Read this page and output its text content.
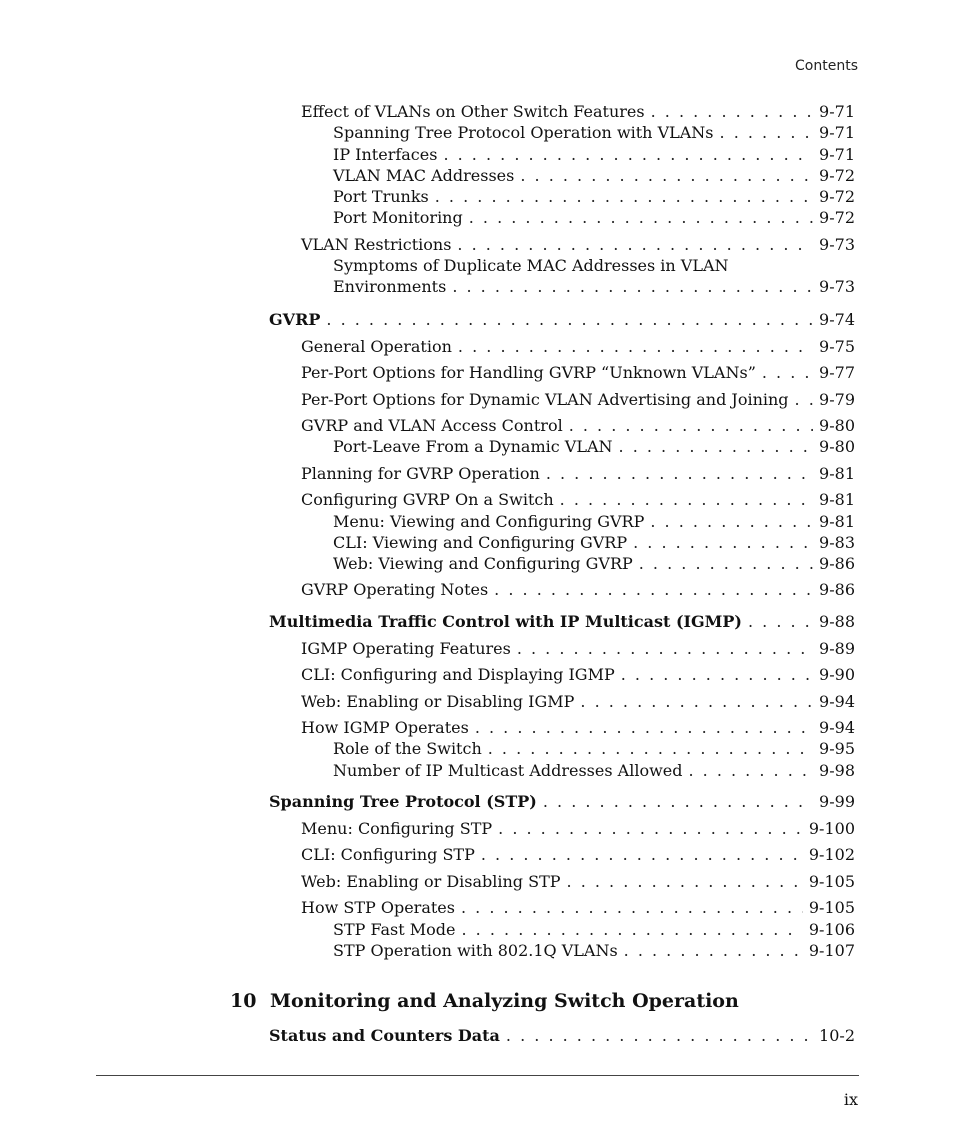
Contents
Effect of VLANs on Other Switch Features . . .	9-71
Spanning Tree Protocol Operation with VLANs . . .	9-71
IP Interfaces . . .	9-71
VLAN MAC Addresses . . .	9-72
Port Trunks . . .	9-72
Port Monitoring . . .	9-72
VLAN Restrictions . . .	9-73
Symptoms of Duplicate MAC Addresses in VLAN
Environments . . .	9-73
GVRP . . .	9-74
General Operation . . .	9-75
Per-Port Options for Handling GVRP “Unknown VLANs” . . .	9-77
Per-Port Options for Dynamic VLAN Advertising and Joining . . .	9-79
GVRP and VLAN Access Control . . .	9-80
Port-Leave From a Dynamic VLAN . . .	9-80
Planning for GVRP Operation . . .	9-81
Configuring GVRP On a Switch . . .	9-81
Menu: Viewing and Configuring GVRP . . .	9-81
CLI: Viewing and Configuring GVRP . . .	9-83
Web: Viewing and Configuring GVRP . . .	9-86
GVRP Operating Notes . . .	9-86
Multimedia Traffic Control with IP Multicast (IGMP) . . .	9-88
IGMP Operating Features . . .	9-89
CLI: Configuring and Displaying IGMP . . .	9-90
Web: Enabling or Disabling IGMP . . .	9-94
How IGMP Operates . . .	9-94
Role of the Switch . . .	9-95
Number of IP Multicast Addresses Allowed . . .	9-98
Spanning Tree Protocol (STP) . . .	9-99
Menu: Configuring STP . . .	9-100
CLI: Configuring STP . . .	9-102
Web: Enabling or Disabling STP . . .	9-105
How STP Operates . . .	9-105
STP Fast Mode . . .	9-106
STP Operation with 802.1Q VLANs . . .	9-107
Status and Counters Data . . .	10-2
10 Monitoring and Analyzing Switch Operation
ix
